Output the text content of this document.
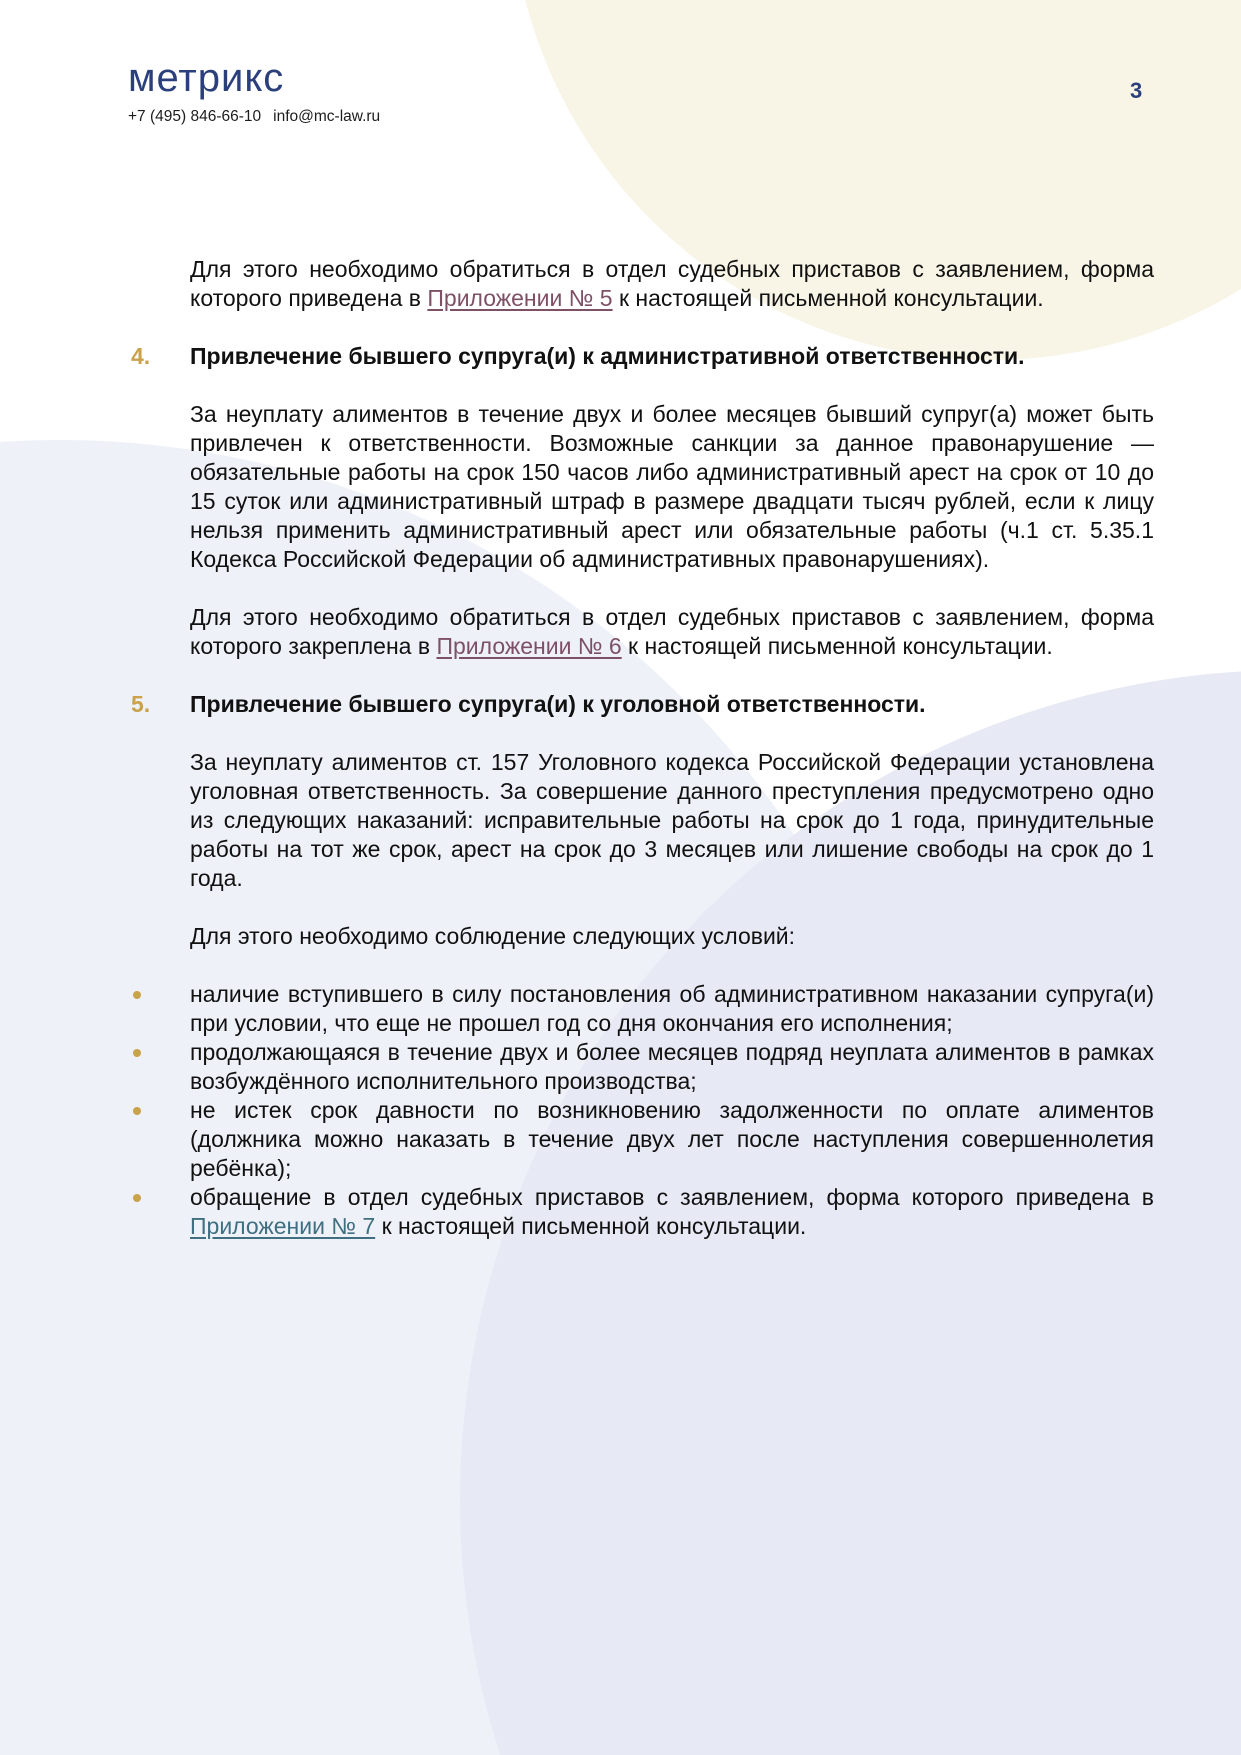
метрикс
+7 (495) 846-66-10 info@mc-law.ru
3

Для этого необходимо обратиться в отдел судебных приставов с заявлением, форма которого приведена в Приложении № 5 к настоящей письменной консультации.

4. Привлечение бывшего супруга(и) к административной ответственности.

За неуплату алиментов в течение двух и более месяцев бывший супруг(а) может быть привлечен к ответственности. Возможные санкции за данное правонарушение — обязательные работы на срок 150 часов либо административный арест на срок от 10 до 15 суток или административный штраф в размере двадцати тысяч рублей, если к лицу нельзя применить административный арест или обязательные работы (ч.1 ст. 5.35.1 Кодекса Российской Федерации об административных правонарушениях).

Для этого необходимо обратиться в отдел судебных приставов с заявлением, форма которого закреплена в Приложении № 6 к настоящей письменной консультации.

5. Привлечение бывшего супруга(и) к уголовной ответственности.

За неуплату алиментов ст. 157 Уголовного кодекса Российской Федерации установлена уголовная ответственность. За совершение данного преступления предусмотрено одно из следующих наказаний: исправительные работы на срок до 1 года, принудительные работы на тот же срок, арест на срок до 3 месяцев или лишение свободы на срок до 1 года.

Для этого необходимо соблюдение следующих условий:

наличие вступившего в силу постановления об административном наказании супруга(и) при условии, что еще не прошел год со дня окончания его исполнения;
продолжающаяся в течение двух и более месяцев подряд неуплата алиментов в рамках возбуждённого исполнительного производства;
не истек срок давности по возникновению задолженности по оплате алиментов (должника можно наказать в течение двух лет после наступления совершеннолетия ребёнка);
обращение в отдел судебных приставов с заявлением, форма которого приведена в Приложении № 7 к настоящей письменной консультации.
